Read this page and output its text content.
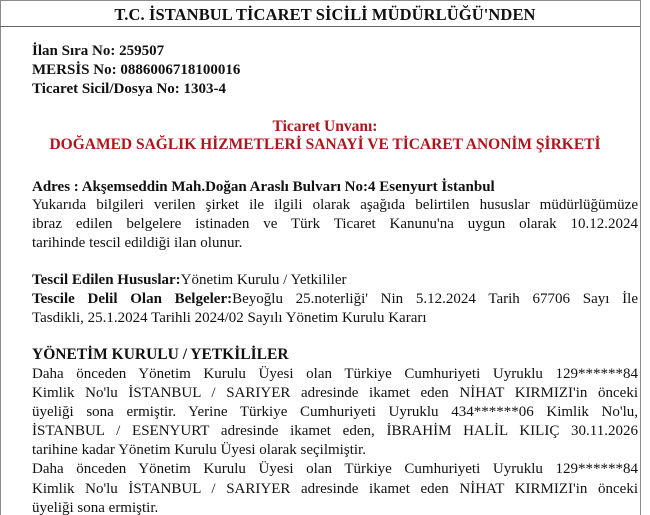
T.C. İSTANBUL TİCARET SİCİLİ MÜDÜRLÜĞÜ'NDEN
İlan Sıra No: 259507
MERSİS No: 0886006718100016
Ticaret Sicil/Dosya No: 1303-4
Ticaret Unvanı:
DOĞAMED SAĞLIK HİZMETLERİ SANAYİ VE TİCARET ANONİM ŞİRKETİ
Adres : Akşemseddin Mah.Doğan Araslı Bulvarı No:4 Esenyurt İstanbul
Yukarıda bilgileri verilen şirket ile ilgili olarak aşağıda belirtilen hususlar müdürlüğümüze
ibraz edilen belgelere istinaden ve Türk Ticaret Kanunu'na uygun olarak 10.12.2024
tarihinde tescil edildiği ilan olunur.
Tescil Edilen Hususlar:Yönetim Kurulu / Yetkililer
Tescile Delil Olan Belgeler:Beyoğlu 25.noterliği' Nin 5.12.2024 Tarih 67706 Sayı İle
Tasdikli, 25.1.2024 Tarihli 2024/02 Sayılı Yönetim Kurulu Kararı
YÖNETİM KURULU / YETKİLİLER
Daha önceden Yönetim Kurulu Üyesi olan Türkiye Cumhuriyeti Uyruklu 129******84
Kimlik No'lu İSTANBUL / SARIYER adresinde ikamet eden NİHAT KIRMIZI'in önceki
üyeliği sona ermiştir. Yerine Türkiye Cumhuriyeti Uyruklu 434******06 Kimlik No'lu,
İSTANBUL / ESENYURT adresinde ikamet eden, İBRAHİM HALİL KILIÇ 30.11.2026
tarihine kadar Yönetim Kurulu Üyesi olarak seçilmiştir.
Daha önceden Yönetim Kurulu Üyesi olan Türkiye Cumhuriyeti Uyruklu 129******84
Kimlik No'lu İSTANBUL / SARIYER adresinde ikamet eden NİHAT KIRMIZI'in önceki
üyeliği sona ermiştir.
